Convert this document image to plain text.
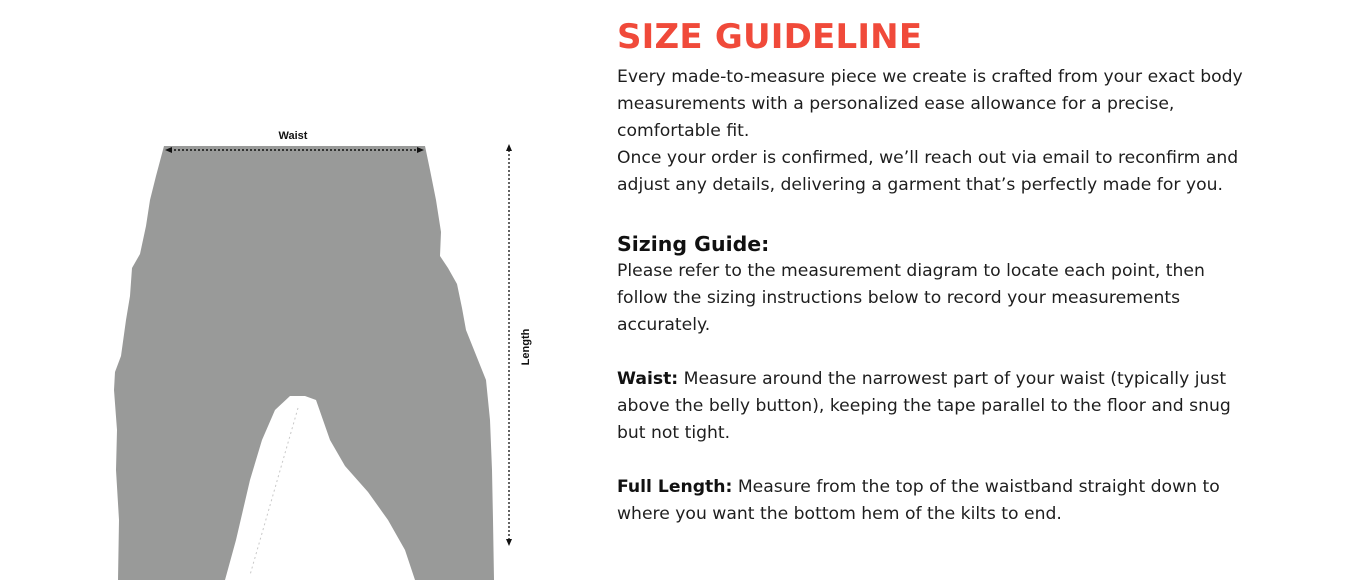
Waist
Length
SIZE GUIDELINE

Every made-to-measure piece we create is crafted from your exact body measurements with a personalized ease allowance for a precise, comfortable fit.

Once your order is confirmed, we’ll reach out via email to reconfirm and adjust any details, delivering a garment that’s perfectly made for you.

Sizing Guide:

Please refer to the measurement diagram to locate each point, then follow the sizing instructions below to record your measurements accurately.

Waist: Measure around the narrowest part of your waist (typically just above the belly button), keeping the tape parallel to the floor and snug but not tight.

Full Length: Measure from the top of the waistband straight down to where you want the bottom hem of the kilts to end.
